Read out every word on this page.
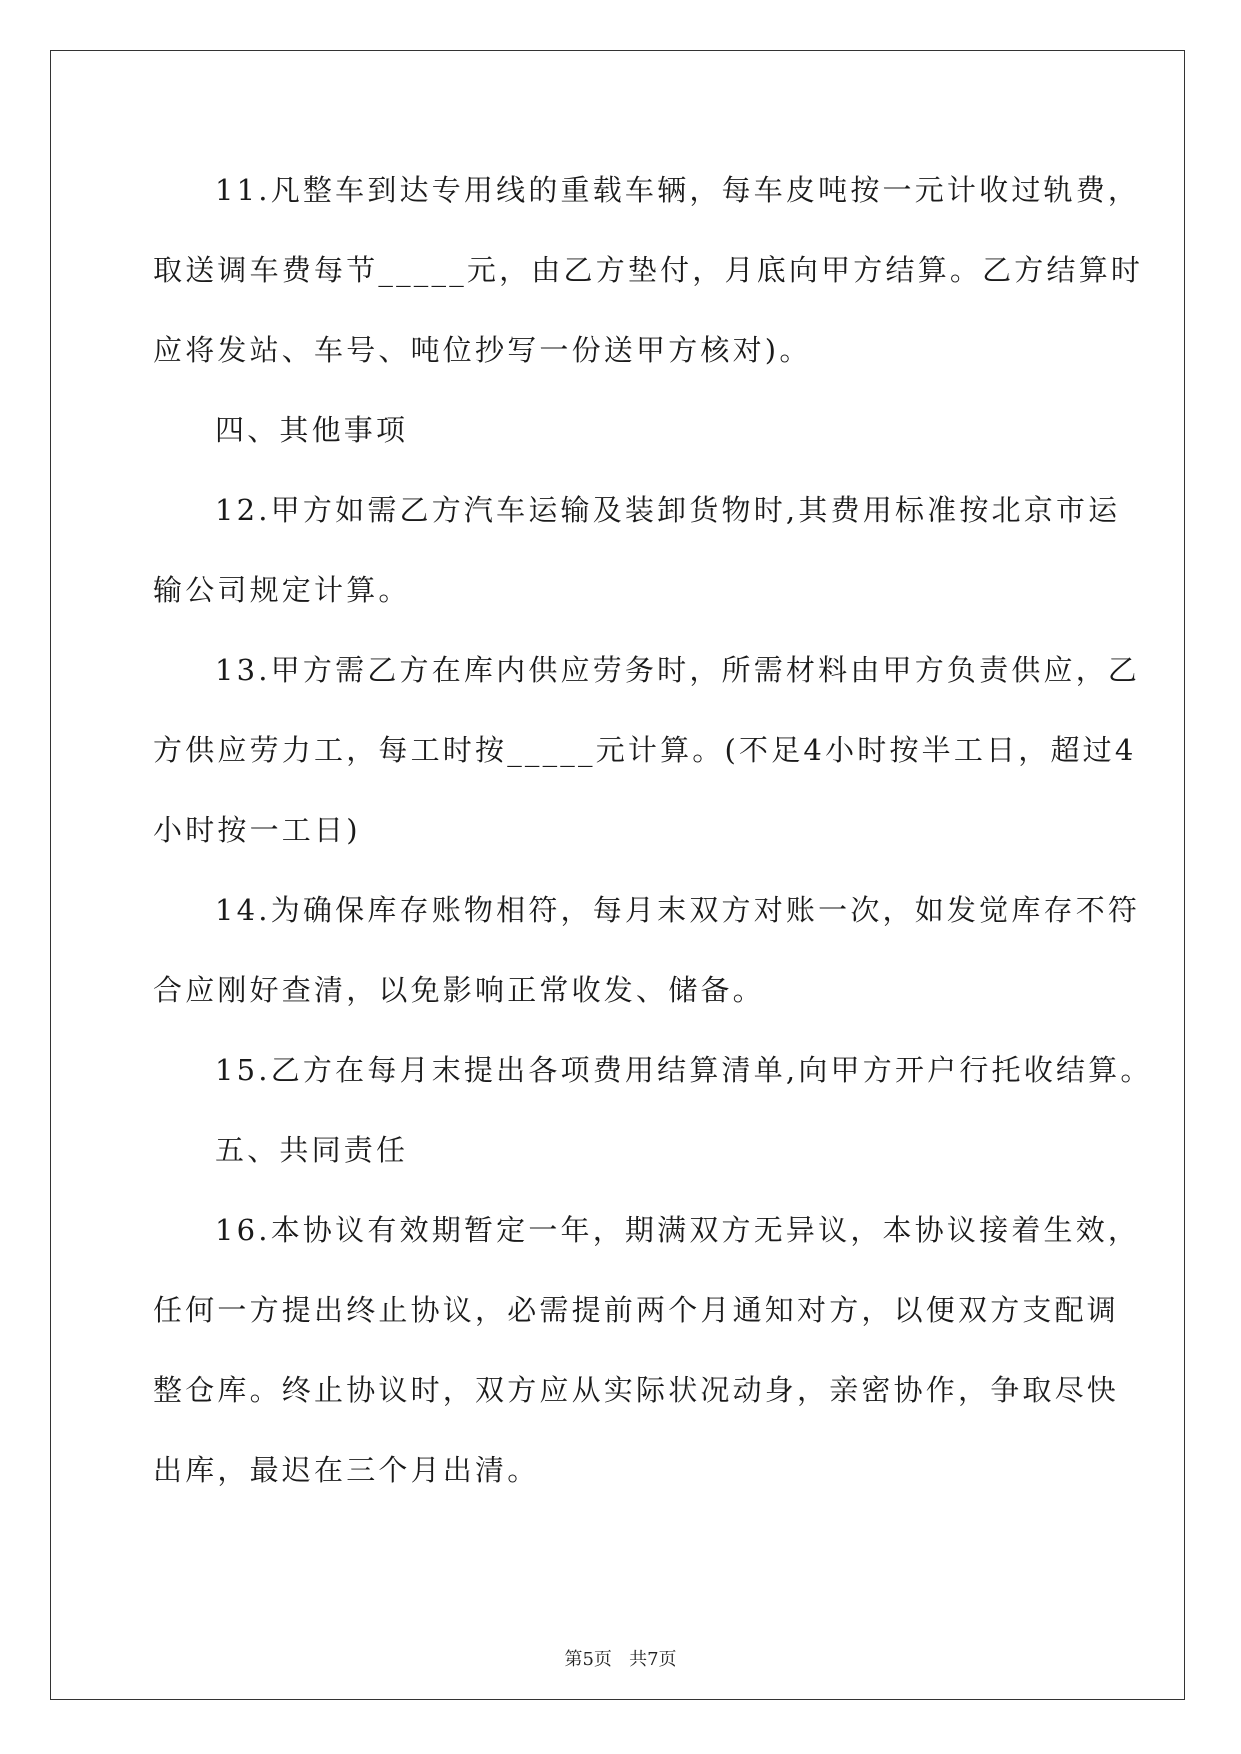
11.凡整车到达专用线的重载车辆，每车皮吨按一元计收过轨费，
取送调车费每节_____元，由乙方垫付，月底向甲方结算。乙方结算时
应将发站、车号、吨位抄写一份送甲方核对)。
四、其他事项
12.甲方如需乙方汽车运输及装卸货物时,其费用标准按北京市运
输公司规定计算。
13.甲方需乙方在库内供应劳务时，所需材料由甲方负责供应，乙
方供应劳力工，每工时按_____元计算。(不足4小时按半工日，超过4
小时按一工日)
14.为确保库存账物相符，每月末双方对账一次，如发觉库存不符
合应刚好查清，以免影响正常收发、储备。
15.乙方在每月末提出各项费用结算清单,向甲方开户行托收结算。
五、共同责任
16.本协议有效期暂定一年，期满双方无异议，本协议接着生效，
任何一方提出终止协议，必需提前两个月通知对方，以便双方支配调
整仓库。终止协议时，双方应从实际状况动身，亲密协作，争取尽快
出库，最迟在三个月出清。
第5页   共7页
